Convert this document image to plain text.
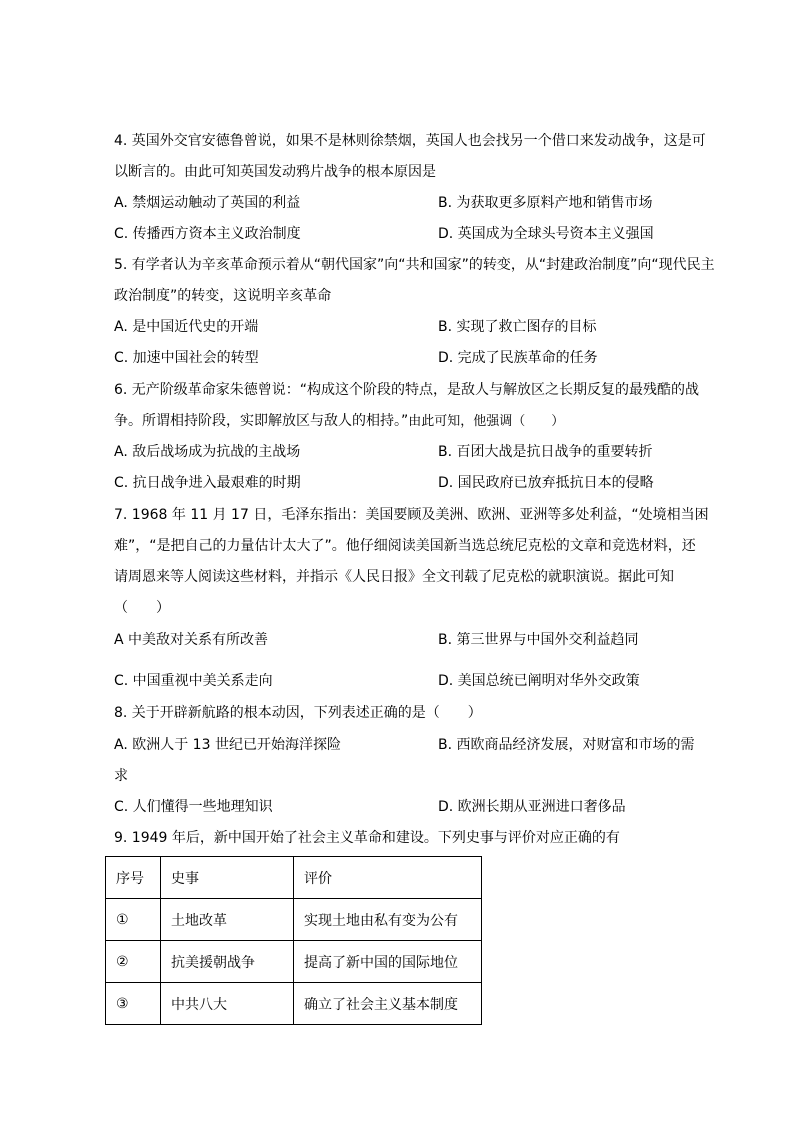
4. 英国外交官安德鲁曾说，如果不是林则徐禁烟，英国人也会找另一个借口来发动战争，这是可
以断言的。由此可知英国发动鸦片战争的根本原因是
A. 禁烟运动触动了英国的利益	B. 为获取更多原料产地和销售市场
C. 传播西方资本主义政治制度	D. 英国成为全球头号资本主义强国
5. 有学者认为辛亥革命预示着从“朝代国家”向“共和国家”的转变，从“封建政治制度”向“现代民主
政治制度”的转变，这说明辛亥革命
A. 是中国近代史的开端	B. 实现了救亡图存的目标
C. 加速中国社会的转型	D. 完成了民族革命的任务
6. 无产阶级革命家朱德曾说：“构成这个阶段的特点，是敌人与解放区之长期反复的最残酷的战
争。所谓相持阶段，实即解放区与敌人的相持。”由此可知，他强调（　　）
A. 敌后战场成为抗战的主战场	B. 百团大战是抗日战争的重要转折
C. 抗日战争进入最艰难的时期	D. 国民政府已放弃抵抗日本的侵略
7. 1968 年 11 月 17 日，毛泽东指出：美国要顾及美洲、欧洲、亚洲等多处利益，“处境相当困
难”，“是把自己的力量估计太大了”。他仔细阅读美国新当选总统尼克松的文章和竞选材料，还
请周恩来等人阅读这些材料，并指示《人民日报》全文刊载了尼克松的就职演说。据此可知
（　　）
A 中美敌对关系有所改善	B. 第三世界与中国外交利益趋同
C. 中国重视中美关系走向	D. 美国总统已阐明对华外交政策
8. 关于开辟新航路的根本动因，下列表述正确的是（　　）
A. 欧洲人于 13 世纪已开始海洋探险	B. 西欧商品经济发展，对财富和市场的需
求
C. 人们懂得一些地理知识	D. 欧洲长期从亚洲进口奢侈品
9. 1949 年后，新中国开始了社会主义革命和建设。下列史事与评价对应正确的有
序号	史事	评价
①	土地改革	实现土地由私有变为公有
②	抗美援朝战争	提高了新中国的国际地位
③	中共八大	确立了社会主义基本制度
